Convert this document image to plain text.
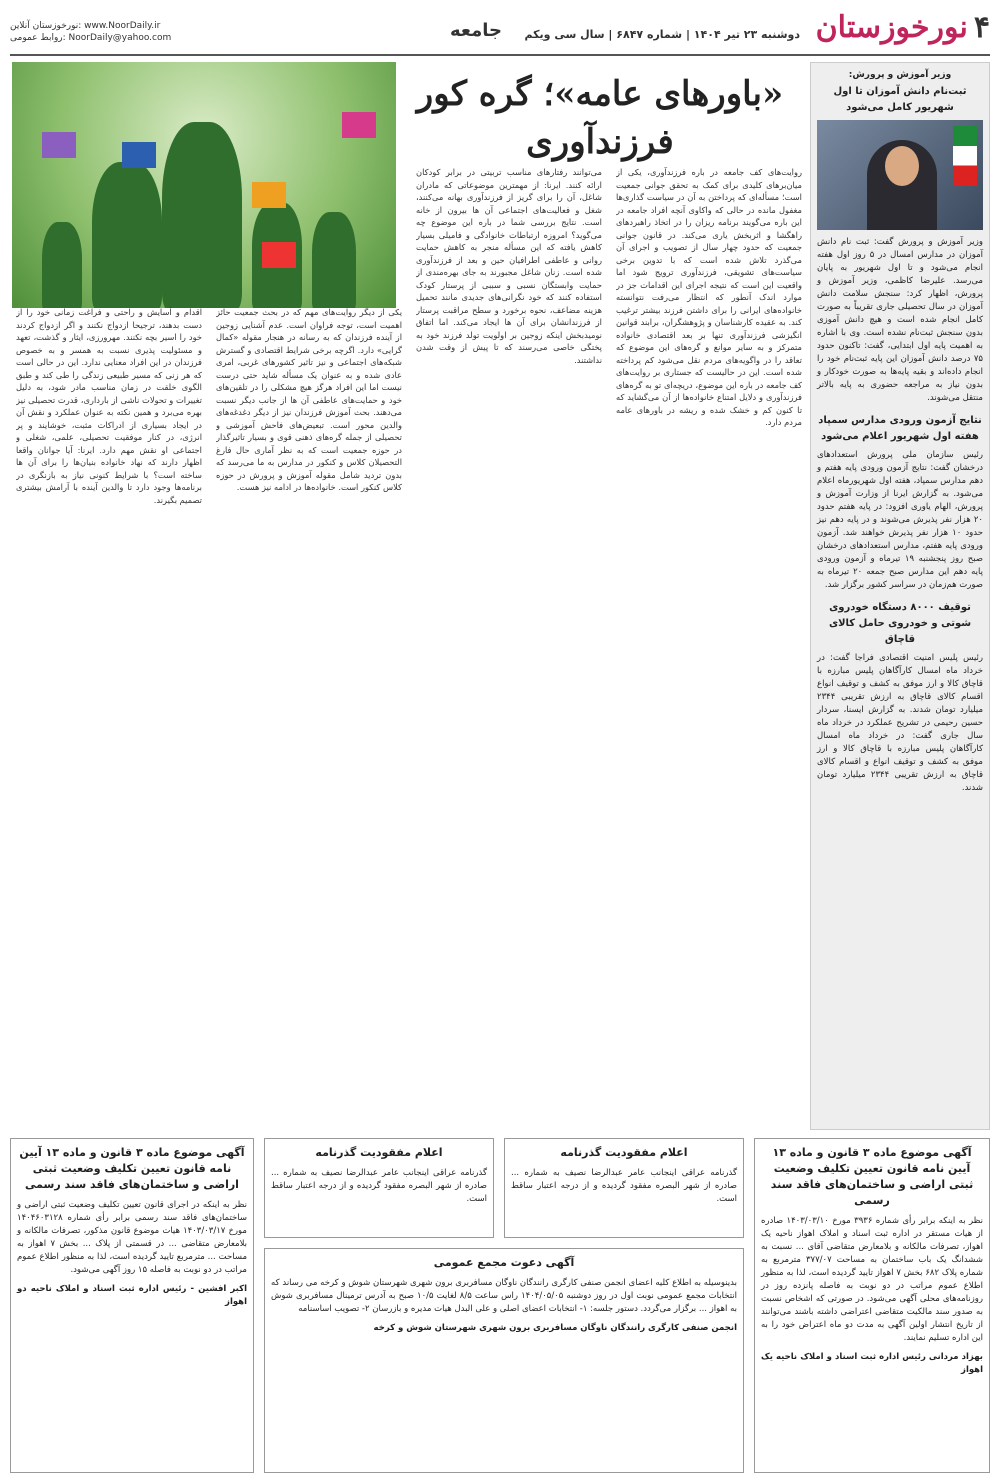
۴نورخوزستان
دوشنبه ۲۳ تیر ۱۴۰۴ | شماره ۶۸۴۷ | سال سی ویکم
جامعه
نورخوزستان آنلاین: www.NoorDaily.ir
روابط عمومی: NoorDaily@yahoo.com
وزیر آموزش و پرورش:
ثبت‌نام دانش آموزان تا اول شهریور کامل می‌شود
وزیر آموزش و پرورش گفت: ثبت نام دانش آموزان در مدارس امسال در ۵ روز اول هفته انجام می‌شود و تا اول شهریور به پایان می‌رسد. علیرضا کاظمی، وزیر آموزش و پرورش، اظهار کرد: سنجش سلامت دانش آموزان در سال تحصیلی جاری تقریباً به صورت کامل انجام شده است و هیچ دانش آموزی بدون سنجش ثبت‌نام نشده است. وی با اشاره به اهمیت پایه اول ابتدایی، گفت: تاکنون حدود ۷۵ درصد دانش آموزان این پایه ثبت‌نام خود را انجام داده‌اند و بقیه پایه‌ها به صورت خودکار و بدون نیاز به مراجعه حضوری به پایه بالاتر منتقل می‌شوند.
نتایج آزمون ورودی مدارس سمپاد هفته اول شهریور اعلام می‌شود
رئیس سازمان ملی پرورش استعدادهای درخشان گفت: نتایج آزمون ورودی پایه هفتم و دهم مدارس سمپاد، هفته اول شهریورماه اعلام می‌شود. به گزارش ایرنا از وزارت آموزش و پرورش، الهام یاوری افزود: در پایه هفتم حدود ۲۰ هزار نفر پذیرش می‌شوند و در پایه دهم نیز حدود ۱۰ هزار نفر پذیرش خواهند شد. آزمون ورودی پایه هفتم، مدارس استعدادهای درخشان صبح روز پنجشنبه ۱۹ تیرماه و آزمون ورودی پایه دهم این مدارس صبح جمعه ۲۰ تیرماه به صورت هم‌زمان در سراسر کشور برگزار شد.
توقیف ۸۰۰۰ دستگاه خودروی شوتی و خودروی حامل کالای قاچاق
رئیس پلیس امنیت اقتصادی فراجا گفت: در خرداد ماه امسال کارآگاهان پلیس مبارزه با قاچاق کالا و ارز موفق به کشف و توقیف انواع اقسام کالای قاچاق به ارزش تقریبی ۲۳۴۴ میلیارد تومان شدند. به گزارش ایسنا، سردار حسین رحیمی در تشریح عملکرد در خرداد ماه سال جاری گفت: در خرداد ماه امسال کارآگاهان پلیس مبارزه با قاچاق کالا و ارز موفق به کشف و توقیف انواع و اقسام کالای قاچاق به ارزش تقریبی ۲۳۴۴ میلیارد تومان شدند.
«باورهای عامه»؛ گره کور فرزندآوری
روایت‌های کف جامعه در باره فرزندآوری، یکی از میان‌برهای کلیدی برای کمک به تحقق جوانی جمعیت است؛ مسأله‌ای که پرداختن به آن در سیاست گذاری‌ها مغفول مانده در حالی که واکاوی آنچه افراد جامعه در این باره می‌گویند برنامه ریزان را در اتخاذ راهبردهای راهگشا و اثربخش یاری می‌کند. در قانون جوانی جمعیت که حدود چهار سال از تصویب و اجرای آن می‌گذرد تلاش شده است که با تدوین برخی سیاست‌های تشویقی، فرزندآوری ترویج شود اما واقعیت این است که نتیجه اجرای این اقدامات جز در موارد اندک آنطور که انتظار می‌رفت نتوانسته خانواده‌های ایرانی را برای داشتن فرزند بیشتر ترغیب کند. به عقیده کارشناسان و پژوهشگران، برابند قوانین انگیزشی فرزندآوری تنها بر بعد اقتصادی خانواده متمرکز و به سایر موانع و گره‌های این موضوع که تعاقد را در واگویه‌های مردم نقل می‌شود کم پرداخته شده است. این در حالیست که جستاری بر روایت‌های کف جامعه در باره این موضوع، دریچه‌ای تو به گره‌های فرزندآوری و دلایل امتناع خانواده‌ها از آن می‌گشاید که تا کنون کم و خشک شده و ریشه در باورهای عامه مردم دارد.
می‌توانند رفتارهای مناسب تربیتی در برابر کودکان ارائه کنند. ایرنا: از مهمترین موضوعاتی که مادران شاغل، آن را برای گریز از فرزندآوری بهانه می‌کنند، شغل و فعالیت‌های اجتماعی آن ها بیرون از خانه است. نتایج بررسی شما در باره این موضوع چه می‌گوید؟ امروزه ارتباطات خانوادگی و فامیلی بسیار کاهش یافته که این مسأله منجر به کاهش حمایت روانی و عاطفی اطرافیان حین و بعد از فرزندآوری شده است. زنان شاغل مجبورند به جای بهره‌مندی از حمایت وابستگان نسبی و سببی از پرستار کودک استفاده کنند که خود نگرانی‌های جدیدی مانند تحمیل هزینه مضاعف، نحوه برخورد و سطح مراقبت پرستار از فرزندانشان برای آن ها ایجاد می‌کند. اما اتفاق نومیدبخش اینکه زوجین بر اولویت تولد فرزند خود به پختگی خاصی می‌رسند که تا پیش از وقت شدن نداشتند.
یکی از دیگر روایت‌های مهم که در بحث جمعیت حائز اهمیت است، توجه فراوان است. عدم آشنایی زوجین از آینده فرزندان که به رسانه در هنجار مقوله «کمال گرایی» دارد. اگرچه برخی شرایط اقتصادی و گسترش شبکه‌های اجتماعی و نیز تاثیر کشورهای غربی، امری عادی شده و به عنوان یک مسأله شاید حتی درست نیست اما این افراد هرگز هیچ مشکلی را در تلقین‌های خود و حمایت‌های عاطفی آن ها از جانب دیگر نسبت می‌دهند. بحث آموزش فرزندان نیز از دیگر دغدغه‌های والدین محور است. تبعیض‌های فاحش آموزشی و تحصیلی از جمله گره‌های ذهنی قوی و بسیار تاثیرگذار در حوزه جمعیت است که به نظر آماری حال فارغ التحصیلان کلاس و کنکور در مدارس به ما می‌رسد که بدون تردید شامل مقوله آموزش و پرورش در حوزه کلاس کنکور است. خانواده‌ها در ادامه نیز هست.
اقدام و آسایش و راحتی و فراغت زمانی خود را از دست بدهند، ترجیحا ازدواج نکنند و اگر ازدواج کردند خود را اسیر بچه نکنند. مهرورزی، ایثار و گذشت، تعهد و مسئولیت پذیری نسبت به همسر و به خصوص فرزندان در این افراد معنایی ندارد. این در حالی است که هر زنی که مسیر طبیعی زندگی را طی کند و طبق الگوی خلقت در زمان مناسب مادر شود، به دلیل تغییرات و تحولات ناشی از بارداری، قدرت تحصیلی نیز بهره می‌برد و همین نکته به عنوان عملکرد و نقش آن در ایجاد بسیاری از ادراکات مثبت، خوشایند و پر انرژی، در کنار موفقیت تحصیلی، علمی، شغلی و اجتماعی او نقش مهم دارد. ایرنا: آیا جوانان واقعا اظهار دارند که نهاد خانواده بنیان‌ها را برای آن ها ساخته است؟ با شرایط کنونی نیاز به بازنگری در برنامه‌ها وجود دارد تا والدین آینده با آرامش بیشتری تصمیم بگیرند.
آگهی موضوع ماده ۳ قانون و ماده ۱۳ آیین نامه قانون تعیین تکلیف وضعیت ثبتی اراضی و ساختمان‌های فاقد سند رسمی
نظر به اینکه برابر رأی شماره ۳۹۳۶ مورخ ۱۴۰۳/۰۳/۱۰ صادره از هیات مستقر در اداره ثبت اسناد و املاک اهواز ناحیه یک اهواز، تصرفات مالکانه و بلامعارض متقاضی آقای ... نسبت به ششدانگ یک باب ساختمان به مساحت ۳۷۷/۰۷ مترمربع به شماره پلاک ۶۸۲ بخش ۷ اهواز تایید گردیده است، لذا به منظور اطلاع عموم مراتب در دو نوبت به فاصله پانزده روز در روزنامه‌های محلی آگهی می‌شود. در صورتی که اشخاص نسبت به صدور سند مالکیت متقاضی اعتراضی داشته باشند می‌توانند از تاریخ انتشار اولین آگهی به مدت دو ماه اعتراض خود را به این اداره تسلیم نمایند.
بهزاد مردانی رئیس اداره ثبت اسناد و املاک ناحیه یک اهواز
اعلام مفقودیت گذرنامه
گذرنامه عراقی اینجانب عامر عبدالرضا نصیف به شماره ... صادره از شهر البصره مفقود گردیده و از درجه اعتبار ساقط است.
اعلام مفقودیت گذرنامه
گذرنامه عراقی اینجانب عامر عبدالرضا نصیف به شماره ... صادره از شهر البصره مفقود گردیده و از درجه اعتبار ساقط است.
آگهی دعوت مجمع عمومی
بدینوسیله به اطلاع کلیه اعضای انجمن صنفی کارگری رانندگان ناوگان مسافربری برون شهری شهرستان شوش و کرخه می رساند که انتخابات مجمع عمومی نوبت اول در روز دوشنبه ۱۴۰۴/۰۵/۰۵ راس ساعت ۸/۵ لغایت ۱۰/۵ صبح به آدرس ترمینال مسافربری شوش به اهواز ... برگزار می‌گردد. دستور جلسه: ۱- انتخابات اعضای اصلی و علی البدل هیات مدیره و بازرسان ۲- تصویب اساسنامه
انجمن صنفی کارگری رانندگان ناوگان مسافربری برون شهری شهرستان شوش و کرخه
آگهی موضوع ماده ۳ قانون و ماده ۱۳ آیین نامه قانون تعیین تکلیف وضعیت ثبتی اراضی و ساختمان‌های فاقد سند رسمی
نظر به اینکه در اجرای قانون تعیین تکلیف وضعیت ثبتی اراضی و ساختمان‌های فاقد سند رسمی برابر رأی شماره ۱۴۰۴۶۰۳۱۲۸ مورخ ۱۴۰۳/۰۳/۱۷ هیات موضوع قانون مذکور، تصرفات مالکانه و بلامعارض متقاضی ... در قسمتی از پلاک ... بخش ۷ اهواز به مساحت ... مترمربع تایید گردیده است، لذا به منظور اطلاع عموم مراتب در دو نوبت به فاصله ۱۵ روز آگهی می‌شود.
اکبر افشین - رئیس اداره ثبت اسناد و املاک ناحیه دو اهواز
